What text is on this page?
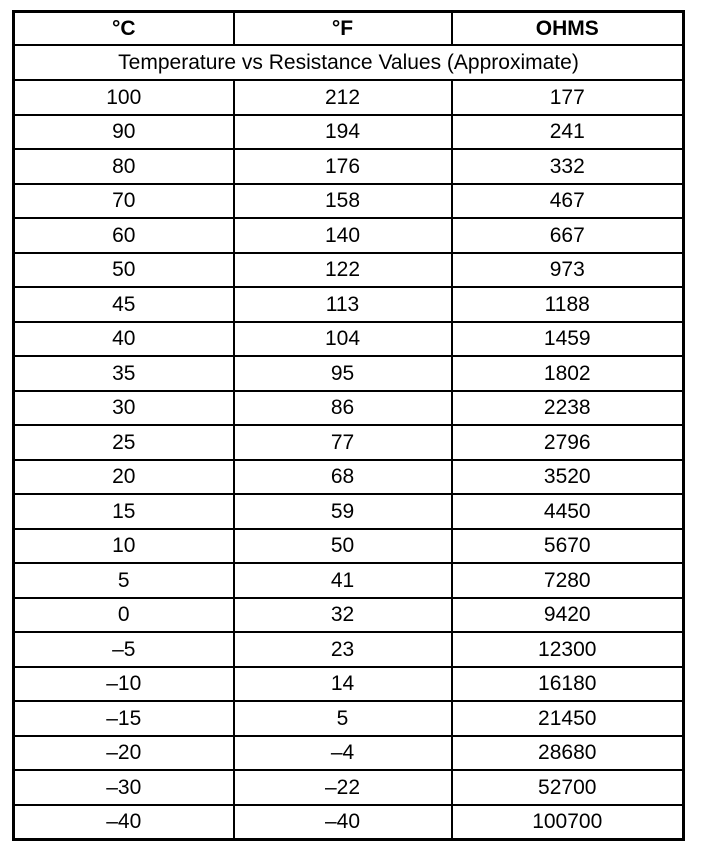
°C	°F	OHMS
Temperature vs Resistance Values (Approximate)		
100	212	177
90	194	241
80	176	332
70	158	467
60	140	667
50	122	973
45	113	1188
40	104	1459
35	95	1802
30	86	2238
25	77	2796
20	68	3520
15	59	4450
10	50	5670
5	41	7280
0	32	9420
–5	23	12300
–10	14	16180
–15	5	21450
–20	–4	28680
–30	–22	52700
–40	–40	100700
